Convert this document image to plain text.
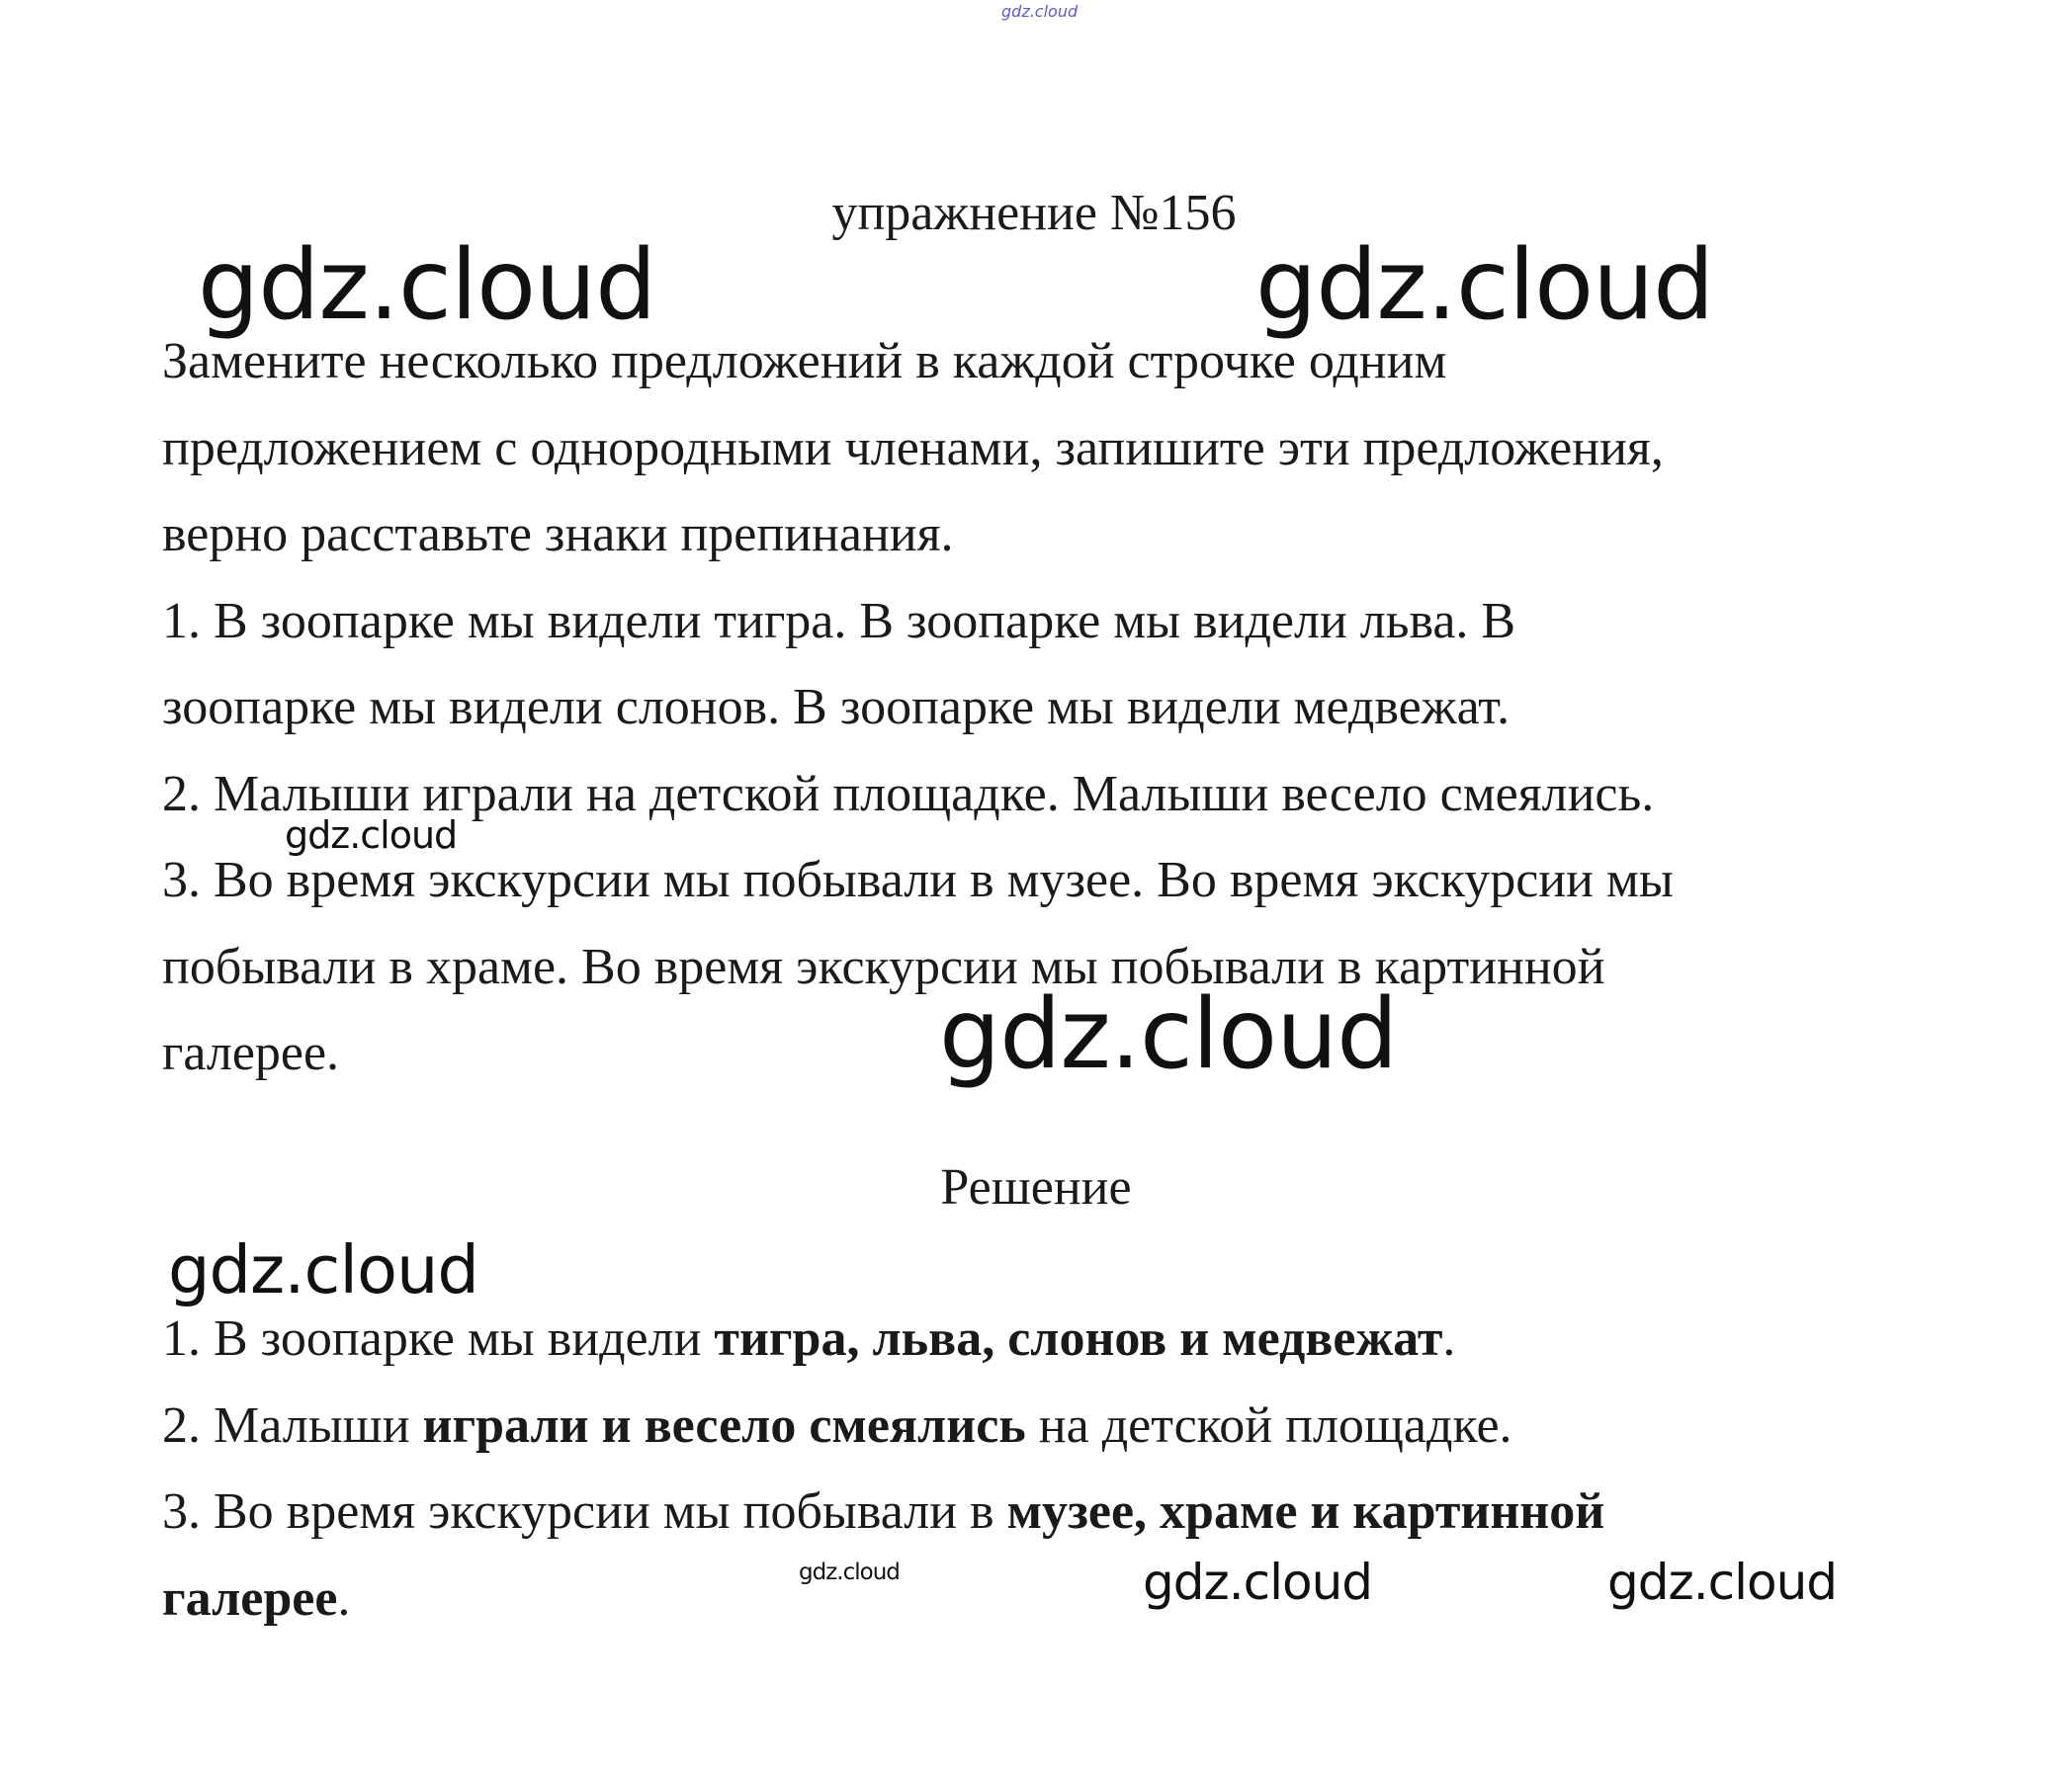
gdz.cloud
упражнение №156

Замените несколько предложений в каждой строчке одним

предложением с однородными членами, запишите эти предложения,

верно расставьте знаки препинания.

1. В зоопарке мы видели тигра. В зоопарке мы видели льва. В

зоопарке мы видели слонов. В зоопарке мы видели медвежат.

2. Малыши играли на детской площадке. Малыши весело смеялись.

3. Во время экскурсии мы побывали в музее. Во время экскурсии мы

побывали в храме. Во время экскурсии мы побывали в картинной

галерее.

Решение

1. В зоопарке мы видели тигра, льва, слонов и медвежат.

2. Малыши играли и весело смеялись на детской площадке.

3. Во время экскурсии мы побывали в музее, храме и картинной

галерее.

gdz.cloud	gdz.cloud
gdz.cloud
gdz.cloud
gdz.cloud
gdz.cloud	gdz.cloud	gdz.cloud
